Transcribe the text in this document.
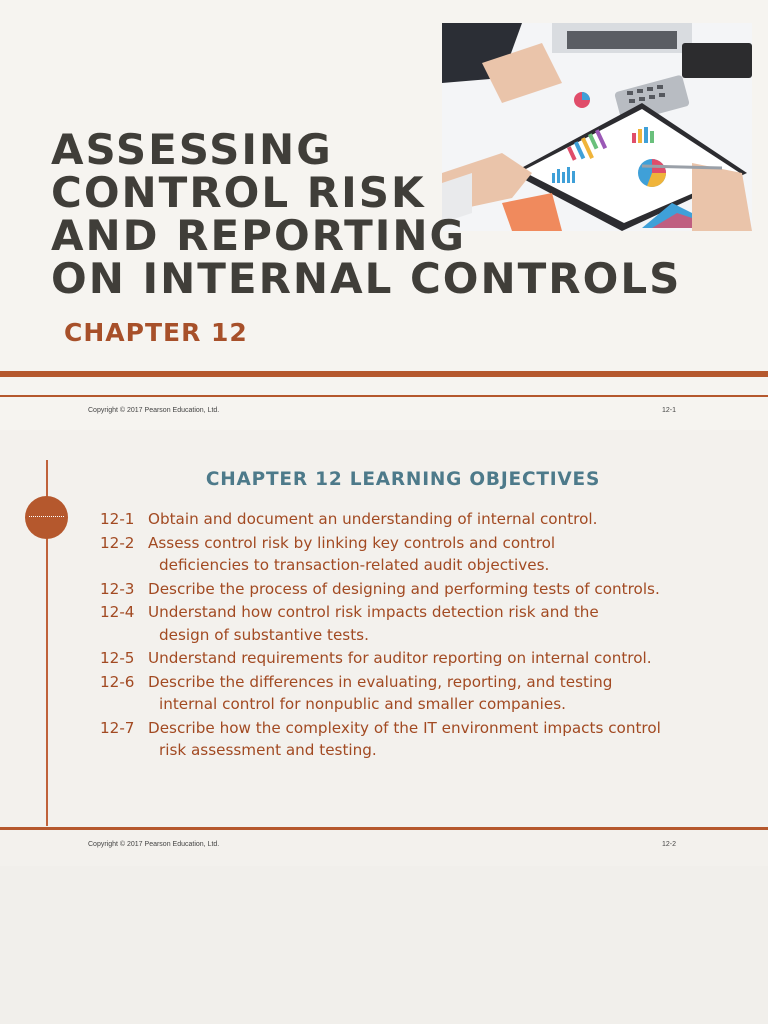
ASSESSING
CONTROL RISK
AND REPORTING
ON INTERNAL CONTROLS
CHAPTER 12
Copyright © 2017 Pearson Education, Ltd.	12-1
CHAPTER 12 LEARNING OBJECTIVES
12-1 Obtain and document an understanding of internal control.
12-2 Assess control risk by linking key controls and control
deficiencies to transaction-related audit objectives.
12-3 Describe the process of designing and performing tests of controls.
12-4 Understand how control risk impacts detection risk and the
design of substantive tests.
12-5 Understand requirements for auditor reporting on internal control.
12-6 Describe the differences in evaluating, reporting, and testing
internal control for nonpublic and smaller companies.
12-7 Describe how the complexity of the IT environment impacts control
risk assessment and testing.
Copyright © 2017 Pearson Education, Ltd.	12-2
